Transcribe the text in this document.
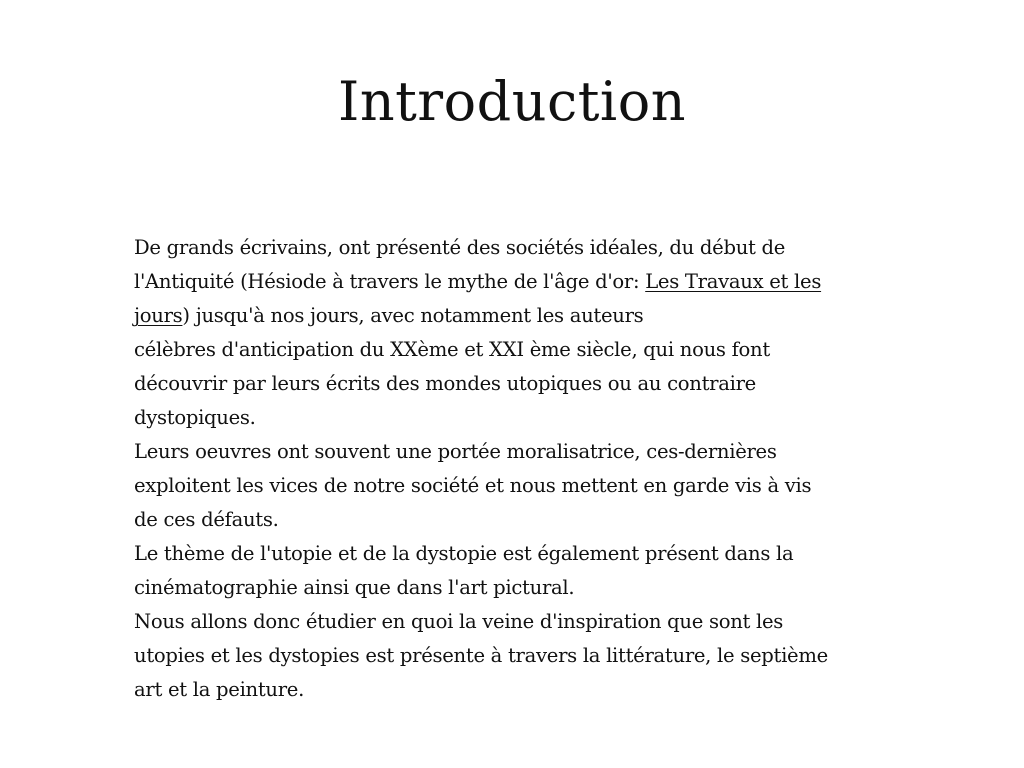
Introduction

De grands écrivains, ont présenté des sociétés idéales, du début de
l'Antiquité (Hésiode à travers le mythe de l'âge d'or: Les Travaux et les
jours) jusqu'à nos jours, avec notamment les auteurs
célèbres d'anticipation du XXème et XXI ème siècle, qui nous font
découvrir par leurs écrits des mondes utopiques ou au contraire
dystopiques.

Leurs oeuvres ont souvent une portée moralisatrice, ces-dernières
exploitent les vices de notre société et nous mettent en garde vis à vis
de ces défauts.

Le thème de l'utopie et de la dystopie est également présent dans la
cinématographie ainsi que dans l'art pictural.

Nous allons donc étudier en quoi la veine d'inspiration que sont les
utopies et les dystopies est présente à travers la littérature, le septième
art et la peinture.
